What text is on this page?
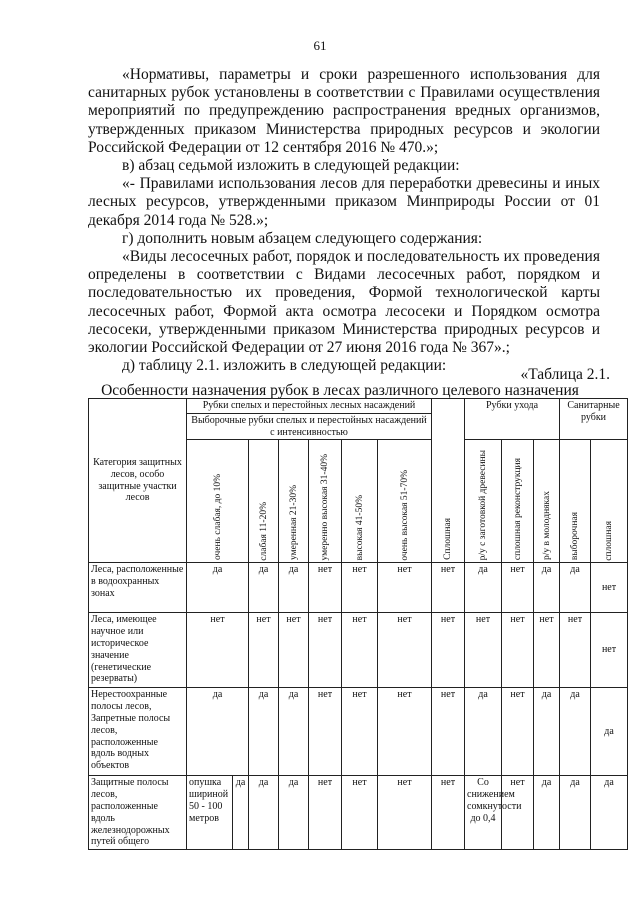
61

«Нормативы, параметры и сроки разрешенного использования для санитарных рубок установлены в соответствии с Правилами осуществления мероприятий по предупреждению распространения вредных организмов, утвержденных приказом Министерства природных ресурсов и экологии Российской Федерации от 12 сентября 2016 № 470.»;

в) абзац седьмой изложить в следующей редакции:

«- Правилами использования лесов для переработки древесины и иных лесных ресурсов, утвержденными приказом Минприроды России от 01 декабря 2014 года № 528.»;

г) дополнить новым абзацем следующего содержания:

«Виды лесосечных работ, порядок и последовательность их проведения определены в соответствии с Видами лесосечных работ, порядком и последовательностью их проведения, Формой технологической карты лесосечных работ, Формой акта осмотра лесосеки и Порядком осмотра лесосеки, утвержденными приказом Министерства природных ресурсов и экологии Российской Федерации от 27 июня 2016 года № 367».;

д) таблицу 2.1. изложить в следующей редакции:

«Таблица 2.1.
Особенности назначения рубок в лесах различного целевого назначения
Категория защитных лесов, особо защитные участки лесов	Рубки спелых и перестойных лесных насаждений							Сплошная	Рубки ухода			Санитарные рубки	
	Выборочные рубки спелых и перестойных насаждений с интенсивностью												

	очень слабая, до 10%		слабая 11-20%	умеренная 21-30%	умеренно высокая 31-40%	высокая 41-50%	очень высокая 51-70%		р/у с заготовкой древесины	сплошная реконструкция	р/у в молодняках	выборочная	сплошная

Леса, расположенные в водоохранных зонах	да		да	да	нет	нет	нет	нет	да	нет	да	да	нет
Леса, имеющее научное или историческое значение (генетические резерваты)	нет		нет	нет	нет	нет	нет	нет	нет	нет	нет	нет	нет
Нерестоохранные полосы лесов, Запретные полосы лесов, расположенные вдоль водных объектов	да		да	да	нет	нет	нет	нет	да	нет	да	да	да
Защитные полосы лесов, расположенные вдоль железнодорожных путей общего	опушка шириной 50 - 100 метров	да	да	да	нет	нет	нет	нет	Со снижением сомкнутости до 0,4	нет	да	да	да
